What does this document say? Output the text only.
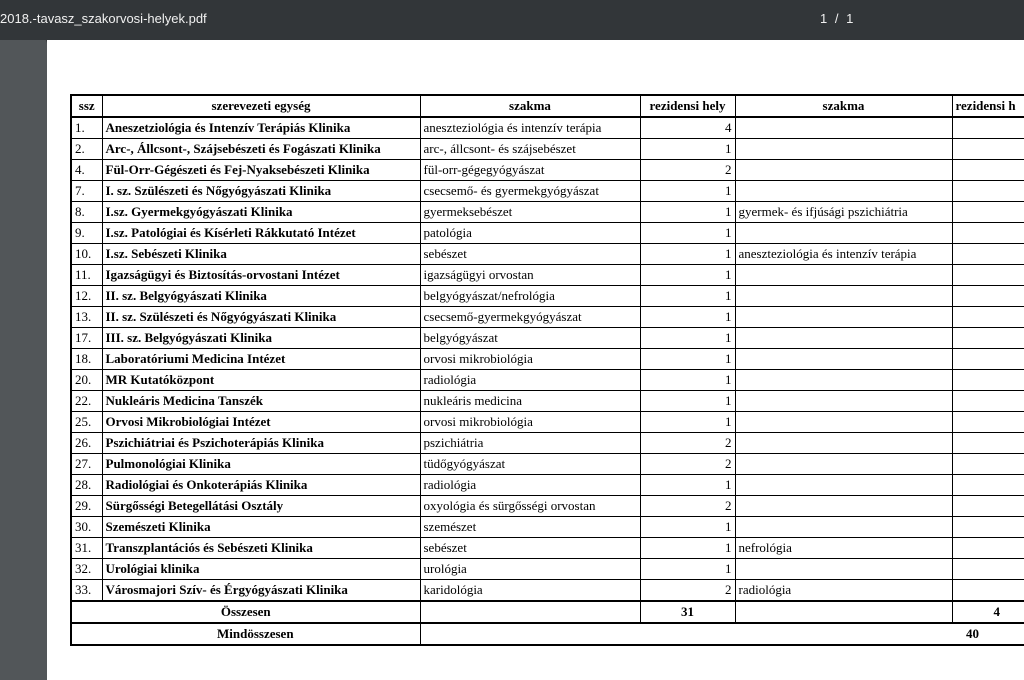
2018.-tavasz_szakorvosi-helyek.pdf	1 / 1
ssz	szerevezeti egység	szakma	rezidensi hely	szakma	rezidensi h
1.	Aneszetziológia és Intenzív Terápiás Klinika	aneszteziológia és intenzív terápia	4		
2.	Arc-, Állcsont-, Szájsebészeti és Fogászati Klinika	arc-, állcsont- és szájsebészet	1		
4.	Fül-Orr-Gégészeti és Fej-Nyaksebészeti Klinika	fül-orr-gégegyógyászat	2		
7.	I. sz. Szülészeti és Nőgyógyászati Klinika	csecsemő- és gyermekgyógyászat	1		
8.	I.sz. Gyermekgyógyászati Klinika	gyermeksebészet	1	gyermek- és ifjúsági pszichiátria	
9.	I.sz. Patológiai és Kísérleti Rákkutató Intézet	patológia	1		
10.	I.sz. Sebészeti Klinika	sebészet	1	aneszteziológia és intenzív terápia	
11.	Igazságügyi és Biztosítás-orvostani Intézet	igazságügyi orvostan	1		
12.	II. sz. Belgyógyászati Klinika	belgyógyászat/nefrológia	1		
13.	II. sz. Szülészeti és Nőgyógyászati Klinika	csecsemő-gyermekgyógyászat	1		
17.	III. sz. Belgyógyászati Klinika	belgyógyászat	1		
18.	Laboratóriumi Medicina Intézet	orvosi mikrobiológia	1		
20.	MR Kutatóközpont	radiológia	1		
22.	Nukleáris Medicina Tanszék	nukleáris medicina	1		
25.	Orvosi Mikrobiológiai Intézet	orvosi mikrobiológia	1		
26.	Pszichiátriai és Pszichoterápiás Klinika	pszichiátria	2		
27.	Pulmonológiai Klinika	tüdőgyógyászat	2		
28.	Radiológiai és Onkoterápiás Klinika	radiológia	1		
29.	Sürgősségi Betegellátási Osztály	oxyológia és sürgősségi orvostan	2		
30.	Szemészeti Klinika	szemészet	1		
31.	Transzplantációs és Sebészeti Klinika	sebészet	1	nefrológia	
32.	Urológiai klinika	urológia	1		
33.	Városmajori Szív- és Érgyógyászati Klinika	karidológia	2	radiológia	
Összesen			31		4
Mindösszesen					40
